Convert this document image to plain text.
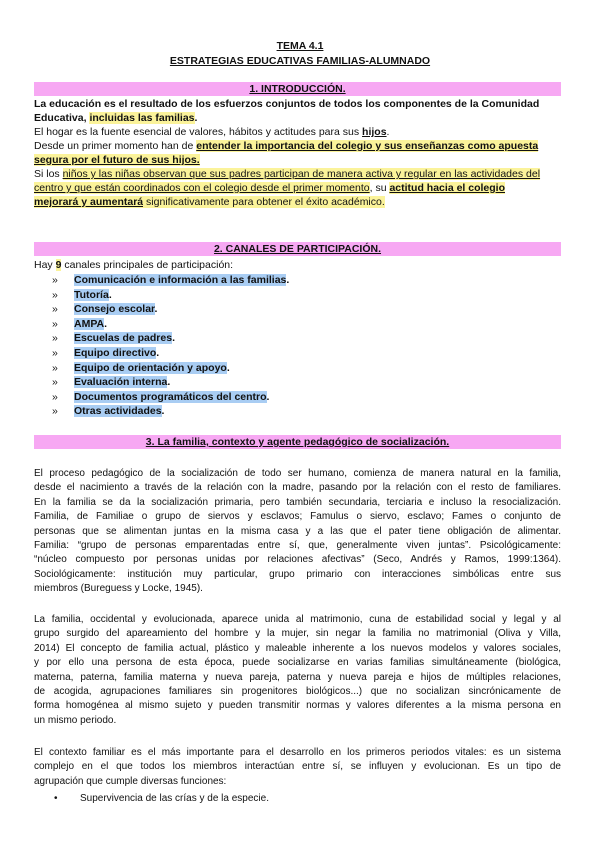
TEMA 4.1
ESTRATEGIAS EDUCATIVAS FAMILIAS-ALUMNADO
1. INTRODUCCIÓN.
La educación es el resultado de los esfuerzos conjuntos de todos los componentes de la Comunidad
Educativa, incluidas las familias.
El hogar es la fuente esencial de valores, hábitos y actitudes para sus hijos.
Desde un primer momento han de entender la importancia del colegio y sus enseñanzas como apuesta
segura por el futuro de sus hijos.
Si los niños y las niñas observan que sus padres participan de manera activa y regular en las actividades del
centro y que están coordinados con el colegio desde el primer momento, su actitud hacia el colegio
mejorará y aumentará significativamente para obtener el éxito académico.
2. CANALES DE PARTICIPACIÓN.
Hay 9 canales principales de participación:
» Comunicación e información a las familias.
» Tutoría.
» Consejo escolar.
» AMPA.
» Escuelas de padres.
» Equipo directivo.
» Equipo de orientación y apoyo.
» Evaluación interna.
» Documentos programáticos del centro.
» Otras actividades.
3. La familia, contexto y agente pedagógico de socialización.
El proceso pedagógico de la socialización de todo ser humano, comienza de manera natural en la familia,
desde el nacimiento a través de la relación con la madre, pasando por la relación con el resto de familiares.
En la familia se da la socialización primaria, pero también secundaria, terciaria e incluso la resocialización.
Familia, de Familiae o grupo de siervos y esclavos; Famulus o siervo, esclavo; Fames o conjunto de
personas que se alimentan juntas en la misma casa y a las que el pater tiene obligación de alimentar.
Familia: “grupo de personas emparentadas entre sí, que, generalmente viven juntas”. Psicológicamente:
“núcleo compuesto por personas unidas por relaciones afectivas” (Seco, Andrés y Ramos, 1999:1364).
Sociológicamente: institución muy particular, grupo primario con interacciones simbólicas entre sus
miembros (Bureguess y Locke, 1945).
La familia, occidental y evolucionada, aparece unida al matrimonio, cuna de estabilidad social y legal y al
grupo surgido del apareamiento del hombre y la mujer, sin negar la familia no matrimonial (Oliva y Villa,
2014) El concepto de familia actual, plástico y maleable inherente a los nuevos modelos y valores sociales,
y por ello una persona de esta época, puede socializarse en varias familias simultáneamente (biológica,
materna, paterna, familia materna y nueva pareja, paterna y nueva pareja e hijos de múltiples relaciones,
de acogida, agrupaciones familiares sin progenitores biológicos...) que no socializan sincrónicamente de
forma homogénea al mismo sujeto y pueden transmitir normas y valores diferentes a la misma persona en
un mismo periodo.
El contexto familiar es el más importante para el desarrollo en los primeros periodos vitales: es un sistema
complejo en el que todos los miembros interactúan entre sí, se influyen y evolucionan. Es un tipo de
agrupación que cumple diversas funciones:
• Supervivencia de las crías y de la especie.
